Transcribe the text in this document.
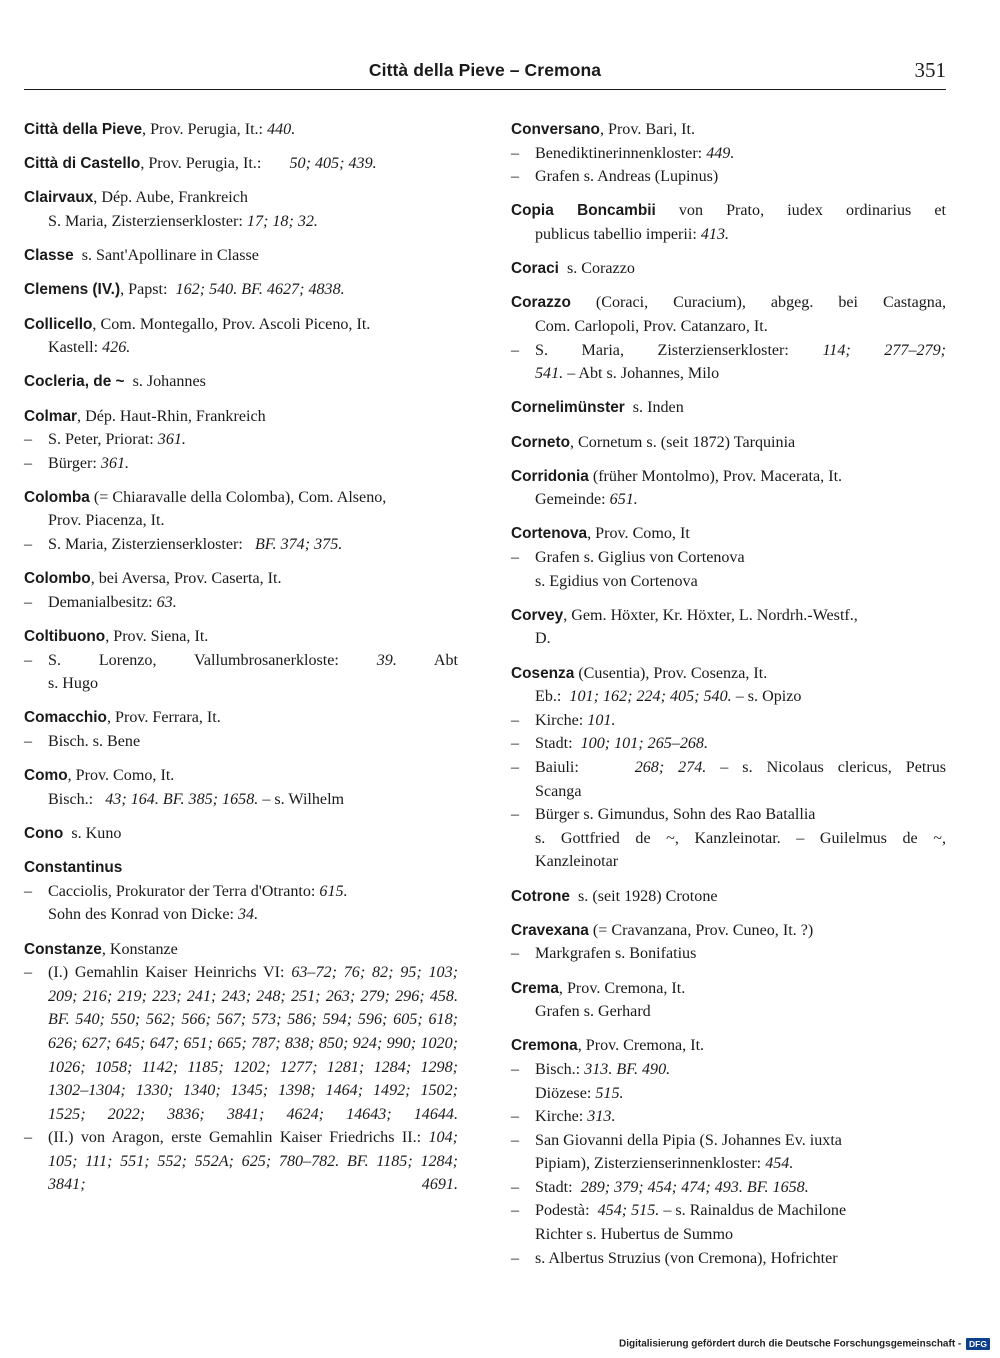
Città della Pieve – Cremona	351
Città della Pieve, Prov. Perugia, It.: 440.
Città di Castello, Prov. Perugia, It.: 50; 405; 439.
Clairvaux, Dép. Aube, Frankreich
S. Maria, Zisterzienserkloster: 17; 18; 32.
Classe s. Sant'Apollinare in Classe
Clemens (IV.), Papst: 162; 540. BF. 4627; 4838.
Collicello, Com. Montegallo, Prov. Ascoli Piceno, It.
Kastell: 426.
Cocleria, de ~ s. Johannes
Colmar, Dép. Haut-Rhin, Frankreich
– S. Peter, Priorat: 361.
– Bürger: 361.
Colomba (= Chiaravalle della Colomba), Com. Alseno,
Prov. Piacenza, It.
– S. Maria, Zisterzienserkloster: BF. 374; 375.
Colombo, bei Aversa, Prov. Caserta, It.
– Demanialbesitz: 63.
Coltibuono, Prov. Siena, It.
– S. Lorenzo, Vallumbrosanerkloste: 39. Abt
s. Hugo
Comacchio, Prov. Ferrara, It.
– Bisch. s. Bene
Como, Prov. Como, It.
Bisch.: 43; 164. BF. 385; 1658. – s. Wilhelm
Cono s. Kuno
Constantinus
– Cacciolis, Prokurator der Terra d'Otranto: 615.
Sohn des Konrad von Dicke: 34.
Constanze, Konstanze
– (I.) Gemahlin Kaiser Heinrichs VI: 63–72; 76; 82; 95; 103; 209; 216; 219; 223; 241; 243; 248; 251; 263; 279; 296; 458. BF. 540; 550; 562; 566; 567; 573; 586; 594; 596; 605; 618; 626; 627; 645; 647; 651; 665; 787; 838; 850; 924; 990; 1020; 1026; 1058; 1142; 1185; 1202; 1277; 1281; 1284; 1298; 1302–1304; 1330; 1340; 1345; 1398; 1464; 1492; 1502; 1525; 2022; 3836; 3841; 4624; 14643; 14644.
– (II.) von Aragon, erste Gemahlin Kaiser Friedrichs II.: 104; 105; 111; 551; 552; 552A; 625; 780–782. BF. 1185; 1284; 3841; 4691.
Conversano, Prov. Bari, It.
– Benediktinerinnenkloster: 449.
– Grafen s. Andreas (Lupinus)
Copia Boncambii von Prato, iudex ordinarius et
publicus tabellio imperii: 413.
Coraci s. Corazzo
Corazzo (Coraci, Curacium), abgeg. bei Castagna,
Com. Carlopoli, Prov. Catanzaro, It.
– S. Maria, Zisterzienserkloster: 114; 277–279;
541. – Abt s. Johannes, Milo
Cornelimünster s. Inden
Corneto, Cornetum s. (seit 1872) Tarquinia
Corridonia (früher Montolmo), Prov. Macerata, It.
Gemeinde: 651.
Cortenova, Prov. Como, It
– Grafen s. Giglius von Cortenova
s. Egidius von Cortenova
Corvey, Gem. Höxter, Kr. Höxter, L. Nordrh.-Westf.,
D.
Cosenza (Cusentia), Prov. Cosenza, It.
Eb.: 101; 162; 224; 405; 540. – s. Opizo
– Kirche: 101.
– Stadt: 100; 101; 265–268.
– Baiuli:	268; 274. – s. Nicolaus clericus, Petrus
Scanga
– Bürger s. Gimundus, Sohn des Rao Batallia
s. Gottfried de ~, Kanzleinotar. – Guilelmus de ~,
Kanzleinotar
Cotrone s. (seit 1928) Crotone
Cravexana (= Cravanzana, Prov. Cuneo, It. ?)
– Markgrafen s. Bonifatius
Crema, Prov. Cremona, It.
Grafen s. Gerhard
Cremona, Prov. Cremona, It.
– Bisch.: 313. BF. 490.
Diözese: 515.
– Kirche: 313.
– San Giovanni della Pipia (S. Johannes Ev. iuxta
Pipiam), Zisterzienserinnenkloster: 454.
– Stadt: 289; 379; 454; 474; 493. BF. 1658.
– Podestà: 454; 515. – s. Rainaldus de Machilone
Richter s. Hubertus de Summo
– s. Albertus Struzius (von Cremona), Hofrichter
Digitalisierung gefördert durch die Deutsche Forschungsgemeinschaft - DFG
